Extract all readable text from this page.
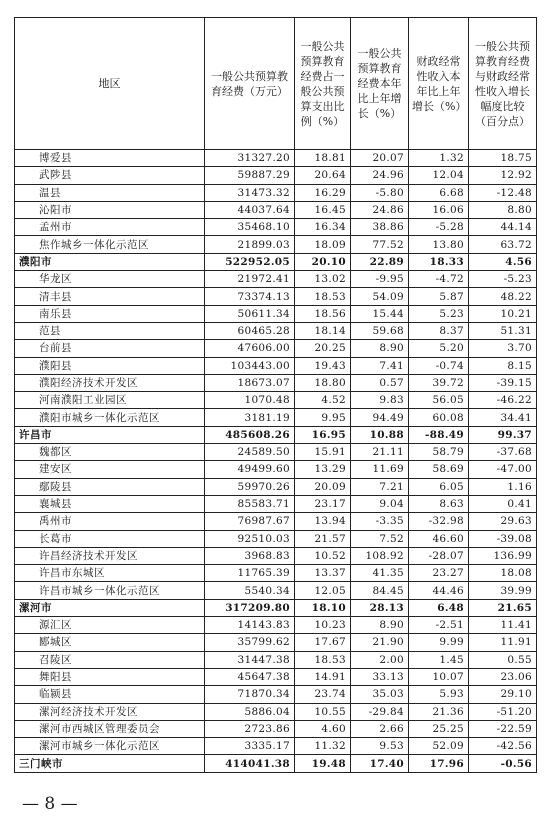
地区	一般公共预算教育经费（万元）	一般公共预算教育经费占一般公共预算支出比例（%）	一般公共预算教育经费本年比上年增长（%）	财政经常性收入本年比上年增长（%）	一般公共预算教育经费与财政经常性收入增长幅度比较（百分点）
博爱县	31327.20	18.81	20.07	1.32	18.75
武陟县	59887.29	20.64	24.96	12.04	12.92
温县	31473.32	16.29	-5.80	6.68	-12.48
沁阳市	44037.64	16.45	24.86	16.06	8.80
孟州市	35468.10	16.34	38.86	-5.28	44.14
焦作城乡一体化示范区	21899.03	18.09	77.52	13.80	63.72
濮阳市	522952.05	20.10	22.89	18.33	4.56
华龙区	21972.41	13.02	-9.95	-4.72	-5.23
清丰县	73374.13	18.53	54.09	5.87	48.22
南乐县	50611.34	18.56	15.44	5.23	10.21
范县	60465.28	18.14	59.68	8.37	51.31
台前县	47606.00	20.25	8.90	5.20	3.70
濮阳县	103443.00	19.43	7.41	-0.74	8.15
濮阳经济技术开发区	18673.07	18.80	0.57	39.72	-39.15
河南濮阳工业园区	1070.48	4.52	9.83	56.05	-46.22
濮阳市城乡一体化示范区	3181.19	9.95	94.49	60.08	34.41
许昌市	485608.26	16.95	10.88	-88.49	99.37
魏都区	24589.50	15.91	21.11	58.79	-37.68
建安区	49499.60	13.29	11.69	58.69	-47.00
鄢陵县	59970.26	20.09	7.21	6.05	1.16
襄城县	85583.71	23.17	9.04	8.63	0.41
禹州市	76987.67	13.94	-3.35	-32.98	29.63
长葛市	92510.03	21.57	7.52	46.60	-39.08
许昌经济技术开发区	3968.83	10.52	108.92	-28.07	136.99
许昌市东城区	11765.39	13.37	41.35	23.27	18.08
许昌市城乡一体化示范区	5540.34	12.05	84.45	44.46	39.99
漯河市	317209.80	18.10	28.13	6.48	21.65
源汇区	14143.83	10.23	8.90	-2.51	11.41
郾城区	35799.62	17.67	21.90	9.99	11.91
召陵区	31447.38	18.53	2.00	1.45	0.55
舞阳县	45647.38	14.91	33.13	10.07	23.06
临颍县	71870.34	23.74	35.03	5.93	29.10
漯河经济技术开发区	5886.04	10.55	-29.84	21.36	-51.20
漯河市西城区管理委员会	2723.86	4.60	2.66	25.25	-22.59
漯河市城乡一体化示范区	3335.17	11.32	9.53	52.09	-42.56
三门峡市	414041.38	19.48	17.40	17.96	-0.56
— 8 —
